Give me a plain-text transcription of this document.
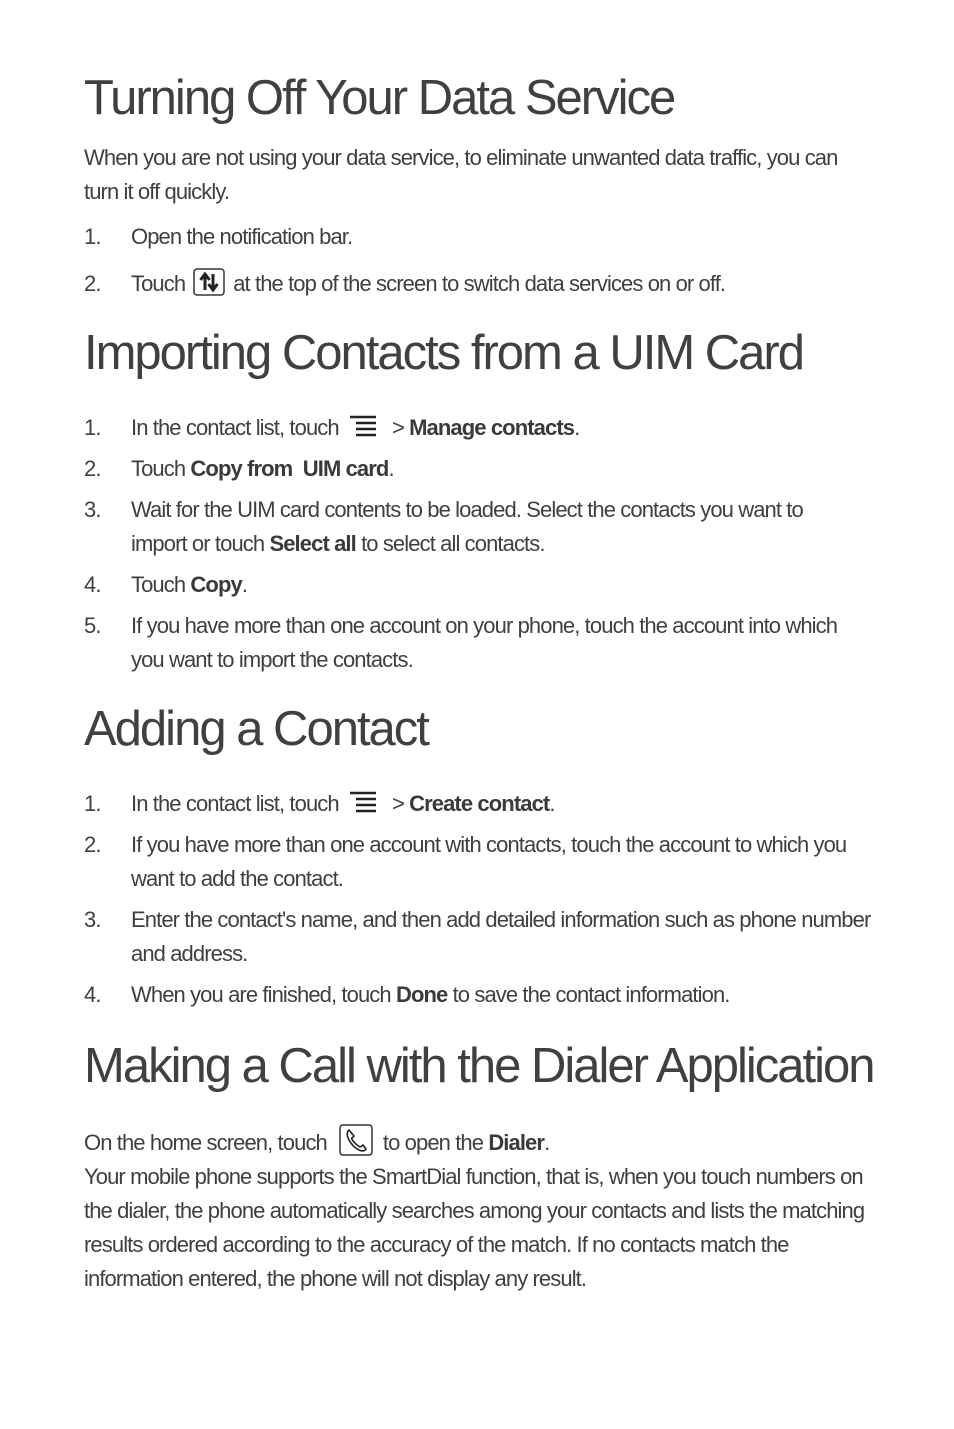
Turning Off Your Data Service

When you are not using your data service, to eliminate unwanted data traffic, you can turn it off quickly.

1. Open the notification bar.
2. Touch at the top of the screen to switch data services on or off.
Importing Contacts from a UIM Card
1. In the contact list, touch > Manage contacts.
2. Touch Copy from  UIM card.
3. Wait for the UIM card contents to be loaded. Select the contacts you want to
import or touch Select all to select all contacts.
4. Touch Copy.
5. If you have more than one account on your phone, touch the account into which you want to import the contacts.
Adding a Contact
1. In the contact list, touch > Create contact.
2. If you have more than one account with contacts, touch the account to which you want to add the contact.
3. Enter the contact's name, and then add detailed information such as phone number and address.
4. When you are finished, touch Done to save the contact information.
Making a Call with the Dialer Application

On the home screen, touch	to open the Dialer.

Your mobile phone supports the SmartDial function, that is, when you touch numbers on the dialer, the phone automatically searches among your contacts and lists the matching results ordered according to the accuracy of the match. If no contacts match the information entered, the phone will not display any result.
